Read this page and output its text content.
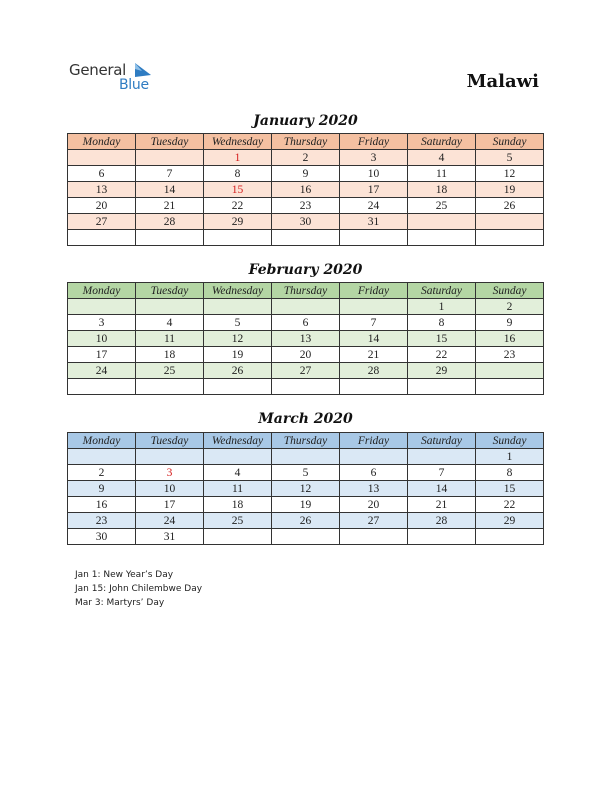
General
Blue	Malawi
January 2020
Monday	Tuesday	Wednesday	Thursday	Friday	Saturday	Sunday
		1	2	3	4	5
6	7	8	9	10	11	12
13	14	15	16	17	18	19
20	21	22	23	24	25	26
27	28	29	30	31		

February 2020
Monday	Tuesday	Wednesday	Thursday	Friday	Saturday	Sunday
					1	2
3	4	5	6	7	8	9
10	11	12	13	14	15	16
17	18	19	20	21	22	23
24	25	26	27	28	29	

March 2020
Monday	Tuesday	Wednesday	Thursday	Friday	Saturday	Sunday
						1
2	3	4	5	6	7	8
9	10	11	12	13	14	15
16	17	18	19	20	21	22
23	24	25	26	27	28	29
30	31					
Jan 1: New Year’s Day
Jan 15: John Chilembwe Day
Mar 3: Martyrs’ Day
